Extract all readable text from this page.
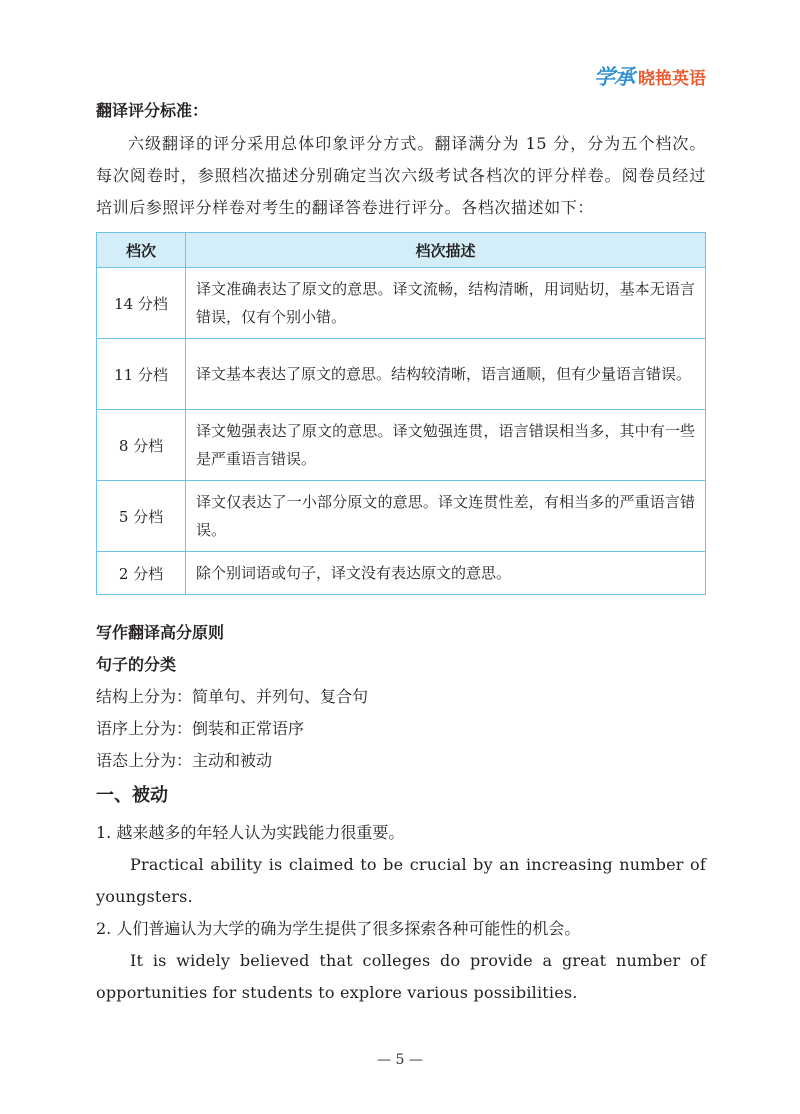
学承 晓艳英语

翻译评分标准：

六级翻译的评分采用总体印象评分方式。翻译满分为 15 分，分为五个档次。每次阅卷时，参照档次描述分别确定当次六级考试各档次的评分样卷。阅卷员经过培训后参照评分样卷对考生的翻译答卷进行评分。各档次描述如下：

档次	档次描述
14 分档	译文准确表达了原文的意思。译文流畅，结构清晰，用词贴切，基本无语言错误，仅有个别小错。
11 分档	译文基本表达了原文的意思。结构较清晰，语言通顺，但有少量语言错误。
8 分档	译文勉强表达了原文的意思。译文勉强连贯，语言错误相当多，其中有一些是严重语言错误。
5 分档	译文仅表达了一小部分原文的意思。译文连贯性差，有相当多的严重语言错误。
2 分档	除个别词语或句子，译文没有表达原文的意思。

写作翻译高分原则

句子的分类

结构上分为：简单句、并列句、复合句

语序上分为：倒装和正常语序

语态上分为：主动和被动

一、被动

1. 越来越多的年轻人认为实践能力很重要。

Practical ability is claimed to be crucial by an increasing number of youngsters.

2. 人们普遍认为大学的确为学生提供了很多探索各种可能性的机会。

It is widely believed that colleges do provide a great number of opportunities for students to explore various possibilities.

— 5 —
